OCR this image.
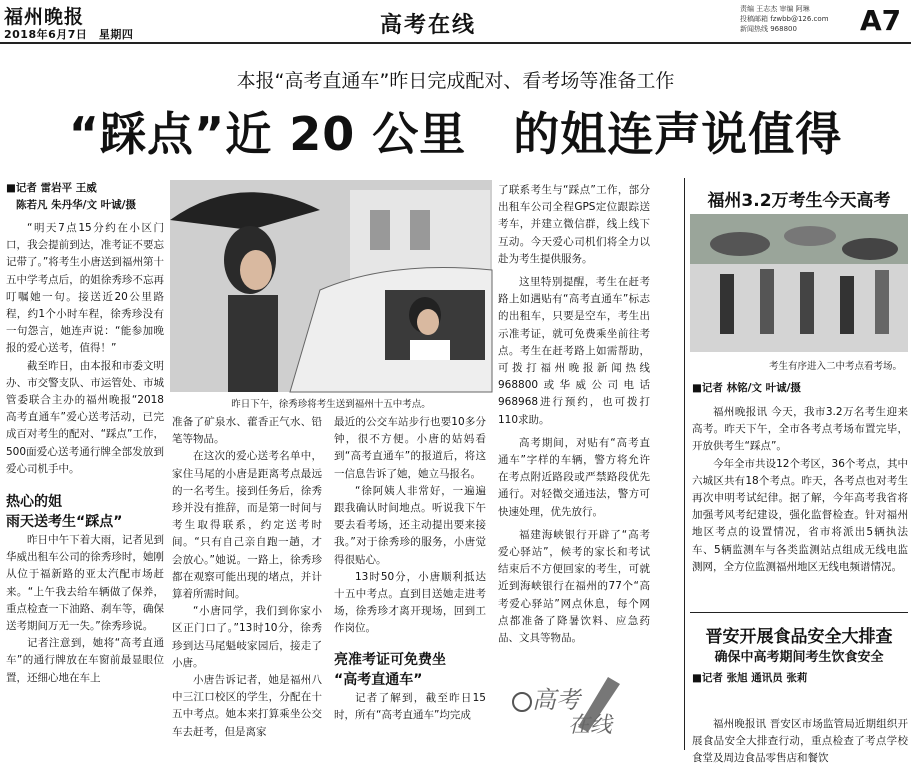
福州晚报
2018年6月7日　星期四	高考在线
责编 王志杰 审编 阿琳
投稿邮箱 fzwbb@126.com
新闻热线 968800	A7
本报“高考直通车”昨日完成配对、看考场等准备工作
“踩点”近 20 公里　的姐连声说值得
■记者 雷岩平 王威
陈若凡 朱丹华/文 叶诚/摄

“明天7点15分约在小区门口，我会提前到达，准考证不要忘记带了。”将考生小唐送到福州第十五中学考点后，的姐徐秀珍不忘再叮嘱她一句。接送近20公里路程，约1个小时车程，徐秀珍没有一句怨言，她连声说：“能参加晚报的爱心送考，值得！”

截至昨日，由本报和市委文明办、市交警支队、市运管处、市城管委联合主办的福州晚报“2018高考直通车”爱心送考活动，已完成百对考生的配对、“踩点”工作，500面爱心送考通行牌全部发放到爱心司机手中。

热心的姐
雨天送考生“踩点”

昨日中午下着大雨，记者见到华威出租车公司的徐秀珍时，她刚从位于福新路的亚太汽配市场赶来。“上午我去给车辆做了保养，重点检查一下油路、刹车等，确保送考期间万无一失。”徐秀珍说。

记者注意到，她将“高考直通车”的通行牌放在车窗前最显眼位置，还细心地在车上

昨日下午，徐秀珍将考生送到福州十五中考点。

准备了矿泉水、藿香正气水、铅笔等物品。

在这次的爱心送考名单中，家住马尾的小唐是距离考点最远的一名考生。接到任务后，徐秀珍并没有推辞，而是第一时间与考生取得联系，约定送考时间。“只有自己亲自跑一趟，才会放心。”她说。一路上，徐秀珍都在观察可能出现的堵点，并计算着所需时间。

“小唐同学，我们到你家小区正门口了。”13时10分，徐秀珍到达马尾魁岐家园后，接走了小唐。

小唐告诉记者，她是福州八中三江口校区的学生，分配在十五中考点。她本来打算乘坐公交车去赶考，但是离家

最近的公交车站步行也要10多分钟，很不方便。小唐的姑妈看到“高考直通车”的报道后，将这一信息告诉了她，她立马报名。

“徐阿姨人非常好，一遍遍跟我确认时间地点。听说我下午要去看考场，还主动提出要来接我。”对于徐秀珍的服务，小唐觉得很贴心。

13时50分，小唐顺利抵达十五中考点。直到目送她走进考场，徐秀珍才离开现场，回到工作岗位。

亮准考证可免费坐
“高考直通车”

记者了解到，截至昨日15时，所有“高考直通车”均完成

了联系考生与“踩点”工作，部分出租车公司全程GPS定位跟踪送考车，并建立微信群，线上线下互动。今天爱心司机们将全力以赴为考生提供服务。

这里特别提醒，考生在赶考路上如遇贴有“高考直通车”标志的出租车，只要是空车，考生出示准考证，就可免费乘坐前往考点。考生在赶考路上如需帮助，可拨打福州晚报新闻热线968800或华威公司电话968968进行预约，也可拨打110求助。

高考期间，对贴有“高考直通车”字样的车辆，警方将允许在考点附近路段或严禁路段优先通行。对轻微交通违法，警方可快速处理，优先放行。

福建海峡银行开辟了“高考爱心驿站”，候考的家长和考试结束后不方便回家的考生，可就近到海峡银行在福州的77个“高考爱心驿站”网点休息，每个网点都准备了降暑饮料、应急药品、文具等物品。

高考
在线
福州3.2万考生今天高考
考生有序进入二中考点看考场。
■记者 林铭/文 叶诚/摄

福州晚报讯 今天，我市3.2万名考生迎来高考。昨天下午，全市各考点考场布置完毕，开放供考生“踩点”。

今年全市共设12个考区，36个考点，其中六城区共有18个考点。昨天，各考点也对考生再次申明考试纪律。据了解，今年高考我省将加强考风考纪建设，强化监督检查。针对福州地区考点的设置情况，省市将派出5辆执法车、5辆监测车与各类监测站点组成无线电监测网，全方位监测福州地区无线电频谱情况。

晋安开展食品安全大排查
确保中高考期间考生饮食安全
■记者 张旭 通讯员 张莉

福州晚报讯 晋安区市场监管局近期组织开展食品安全大排查行动，重点检查了考点学校食堂及周边食品零售店和餐饮
